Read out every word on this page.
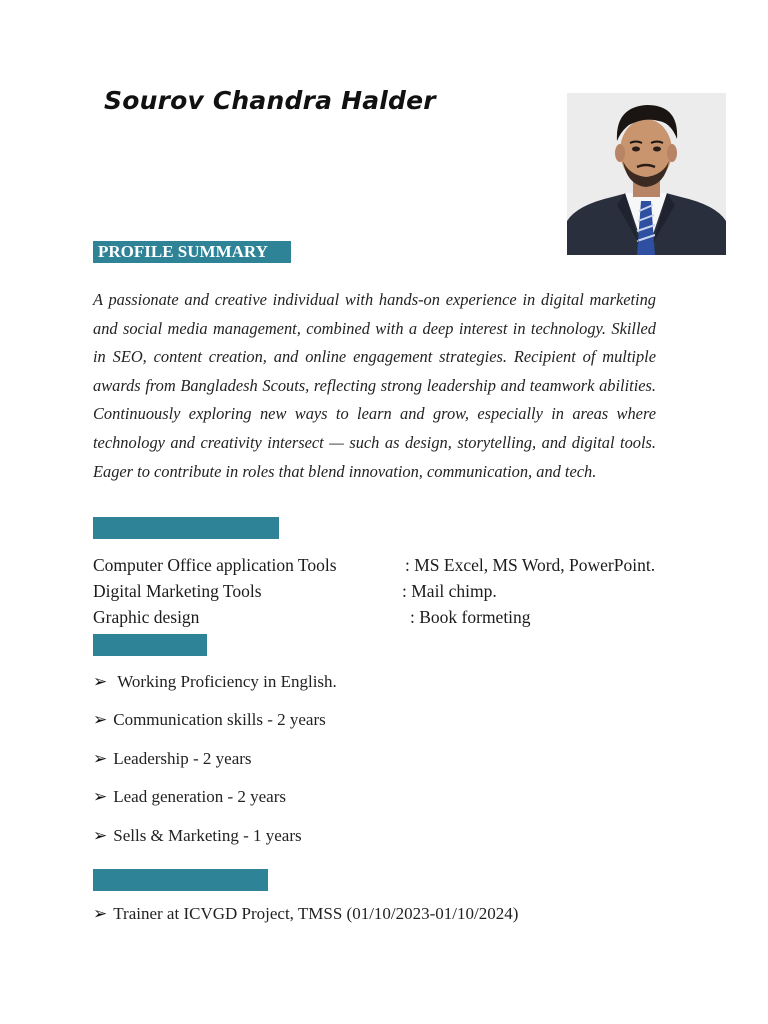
Sourov Chandra Halder
PROFILE SUMMARY
A passionate and creative individual with hands-on experience in digital marketing and social media management, combined with a deep interest in technology. Skilled in SEO, content creation, and online engagement strategies. Recipient of multiple awards from Bangladesh Scouts, reflecting strong leadership and teamwork abilities. Continuously exploring new ways to learn and grow, especially in areas where technology and creativity intersect — such as design, storytelling, and digital tools. Eager to contribute in roles that blend innovation, communication, and tech.
Computer Office application Tools	: MS Excel, MS Word, PowerPoint.
Digital Marketing Tools	: Mail chimp.
Graphic design	: Book formeting
➢ Working Proficiency in English.
➢ Communication skills - 2 years
➢ Leadership - 2 years
➢ Lead generation - 2 years
➢ Sells & Marketing - 1 years
➢ Trainer at ICVGD Project, TMSS (01/10/2023-01/10/2024)
